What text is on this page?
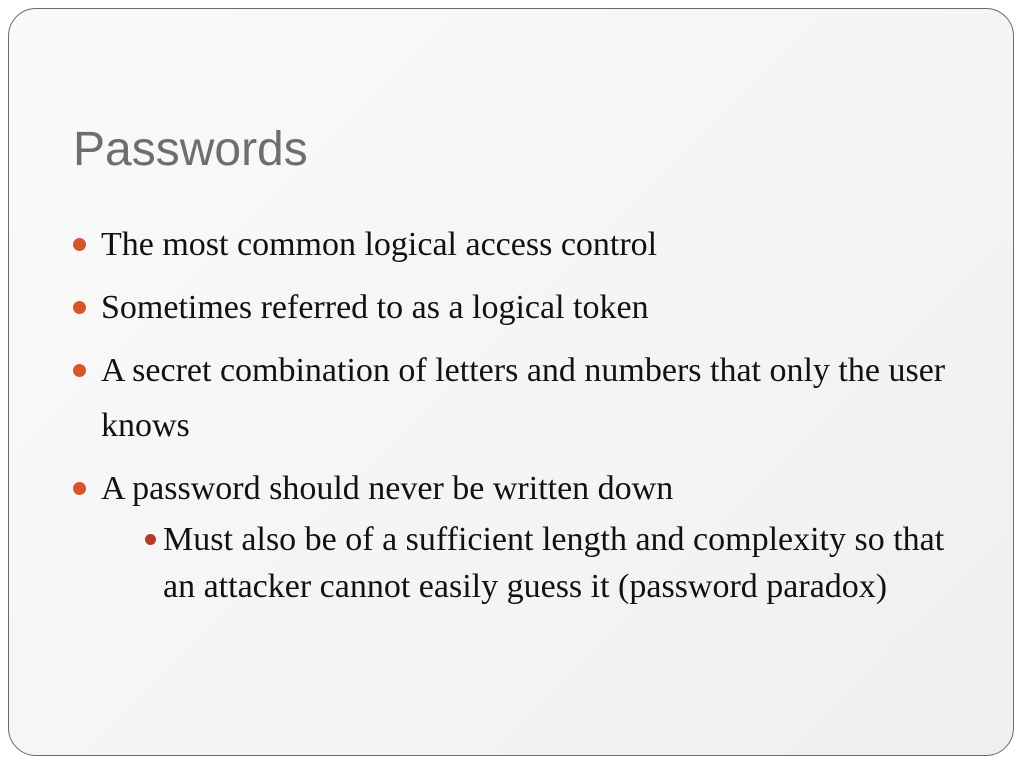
Passwords
The most common logical access control
Sometimes referred to as a logical token
A secret combination of letters and numbers that only the user knows
A password should never be written down
Must also be of a sufficient length and complexity so that an attacker cannot easily guess it (password paradox)
